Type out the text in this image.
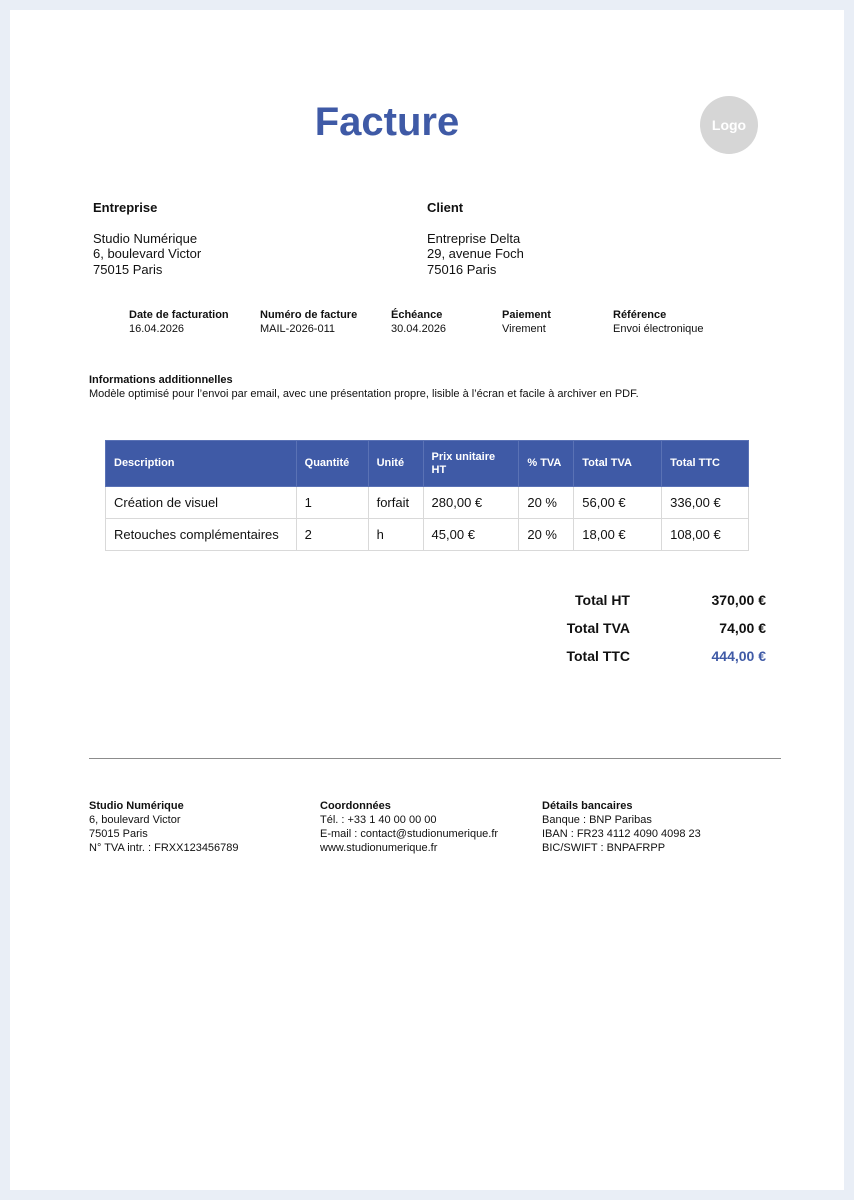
Facture	Logo
Entreprise
Studio Numérique
6, boulevard Victor
75015 Paris
Client
Entreprise Delta
29, avenue Foch
75016 Paris
Date de facturation
16.04.2026
Numéro de facture
MAIL-2026-011
Échéance
30.04.2026
Paiement
Virement
Référence
Envoi électronique
Informations additionnelles
Modèle optimisé pour l’envoi par email, avec une présentation propre, lisible à l’écran et facile à archiver en PDF.
Description	Quantité	Unité	Prix unitaire HT	% TVA	Total TVA	Total TTC
Création de visuel	1	forfait	280,00 €	20 %	56,00 €	336,00 €
Retouches complémentaires	2	h	45,00 €	20 %	18,00 €	108,00 €
Total HT	370,00 €
Total TVA	74,00 €
Total TTC	444,00 €
Studio Numérique
6, boulevard Victor
75015 Paris
N° TVA intr. : FRXX123456789
Coordonnées
Tél. : +33 1 40 00 00 00
E-mail : contact@studionumerique.fr
www.studionumerique.fr
Détails bancaires
Banque : BNP Paribas
IBAN : FR23 4112 4090 4098 23
BIC/SWIFT : BNPAFRPP
